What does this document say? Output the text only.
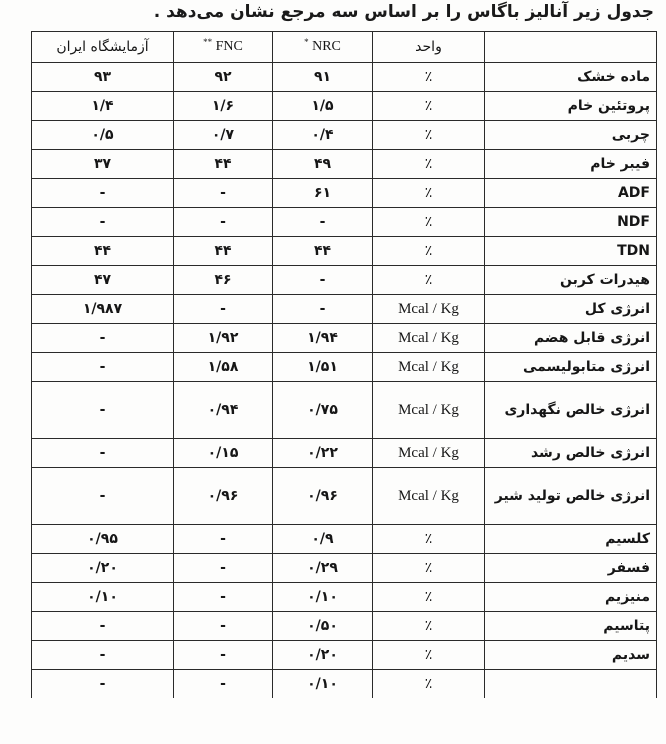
جدول زیر آنالیز باگاس را بر اساس سه مرجع نشان می‌دهد .
	واحد	NRC *	FNC **	آزمایشگاه ایران
ماده خشک	٪	۹۱	۹۲	۹۳
پروتئین خام	٪	۱/۵	۱/۶	۱/۴
چربی	٪	۰/۴	۰/۷	۰/۵
فیبر خام	٪	۴۹	۴۴	۳۷
ADF	٪	۶۱	-	-
NDF	٪	-	-	-
TDN	٪	۴۴	۴۴	۴۴
هیدرات کربن	٪	-	۴۶	۴۷
انرژی کل	Mcal / Kg	-	-	۱/۹۸۷
انرژی قابل هضم	Mcal / Kg	۱/۹۴	۱/۹۲	-
انرژی متابولیسمی	Mcal / Kg	۱/۵۱	۱/۵۸	-
انرژی خالص نگهداری	Mcal / Kg	۰/۷۵	۰/۹۴	-
انرژی خالص رشد	Mcal / Kg	۰/۲۲	۰/۱۵	-
انرژی خالص تولید شیر	Mcal / Kg	۰/۹۶	۰/۹۶	-
کلسیم	٪	۰/۹	-	۰/۹۵
فسفر	٪	۰/۲۹	-	۰/۲۰
منیزیم	٪	۰/۱۰	-	۰/۱۰
پتاسیم	٪	۰/۵۰	-	-
سدیم	٪	۰/۲۰	-	-
	٪	۰/۱۰	-	-
